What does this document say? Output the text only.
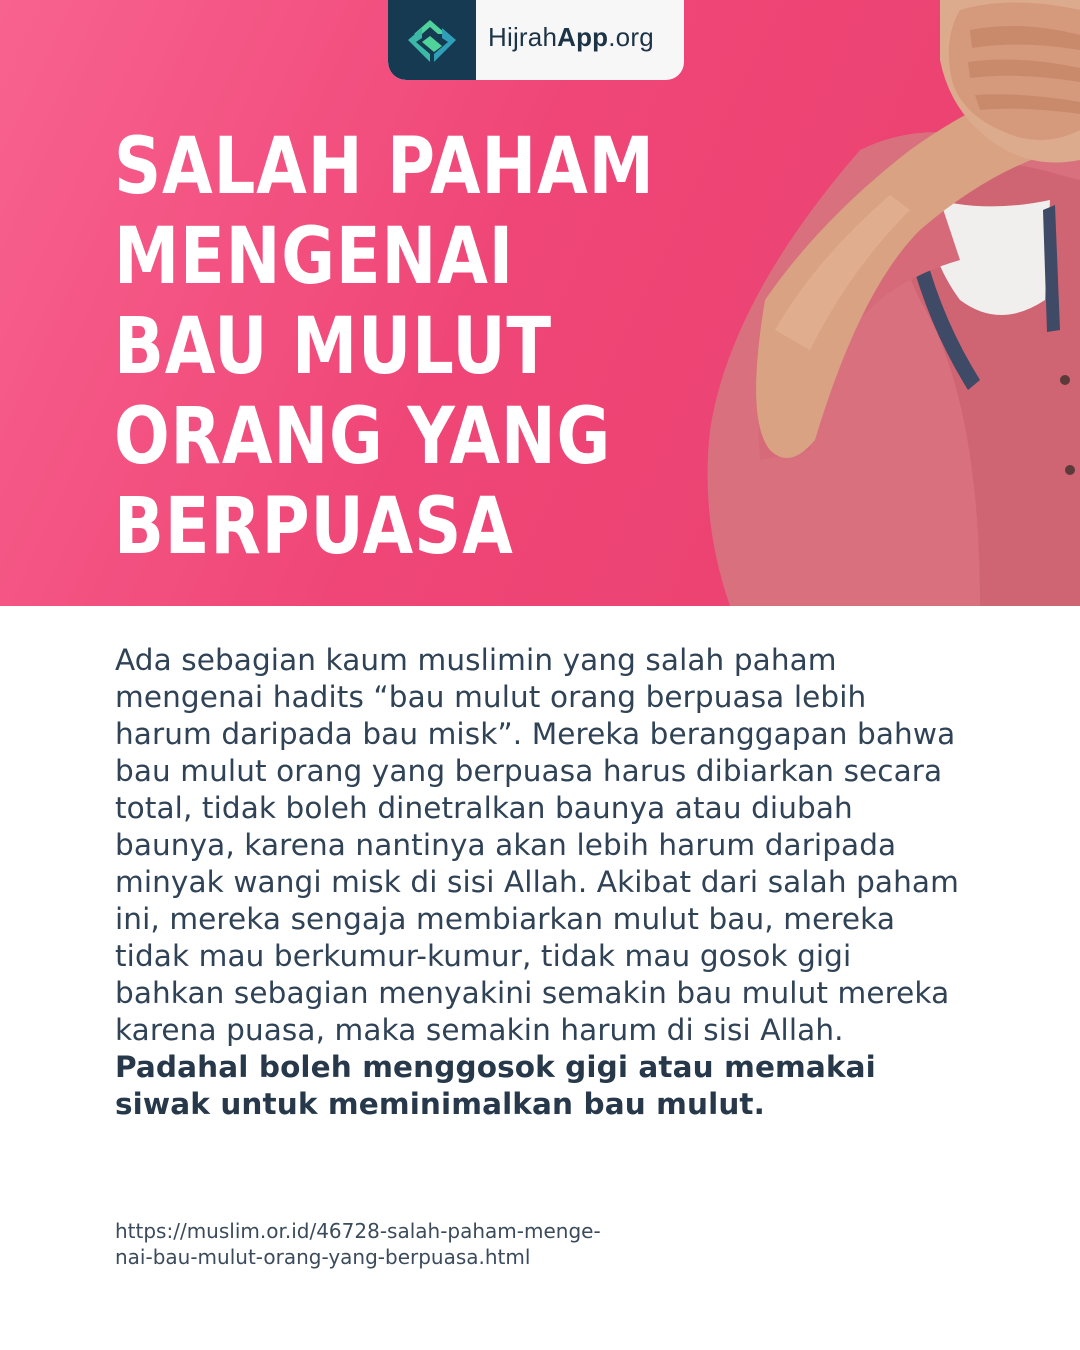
HijrahApp.org
SALAH PAHAM
MENGENAI
BAU MULUT
ORANG YANG
BERPUASA

Ada sebagian kaum muslimin yang salah paham mengenai hadits “bau mulut orang berpuasa lebih harum daripada bau misk”. Mereka beranggapan bahwa bau mulut orang yang berpuasa harus dibiarkan secara total, tidak boleh dinetralkan baunya atau diubah baunya, karena nantinya akan lebih harum daripada minyak wangi misk di sisi Allah. Akibat dari salah paham ini, mereka sengaja membiarkan mulut bau, mereka tidak mau berkumur-kumur, tidak mau gosok gigi bahkan sebagian menyakini semakin bau mulut mereka karena puasa, maka semakin harum di sisi Allah. Padahal boleh menggosok gigi atau memakai siwak untuk meminimalkan bau mulut.

https://muslim.or.id/46728-salah-paham-menge-
nai-bau-mulut-orang-yang-berpuasa.html
